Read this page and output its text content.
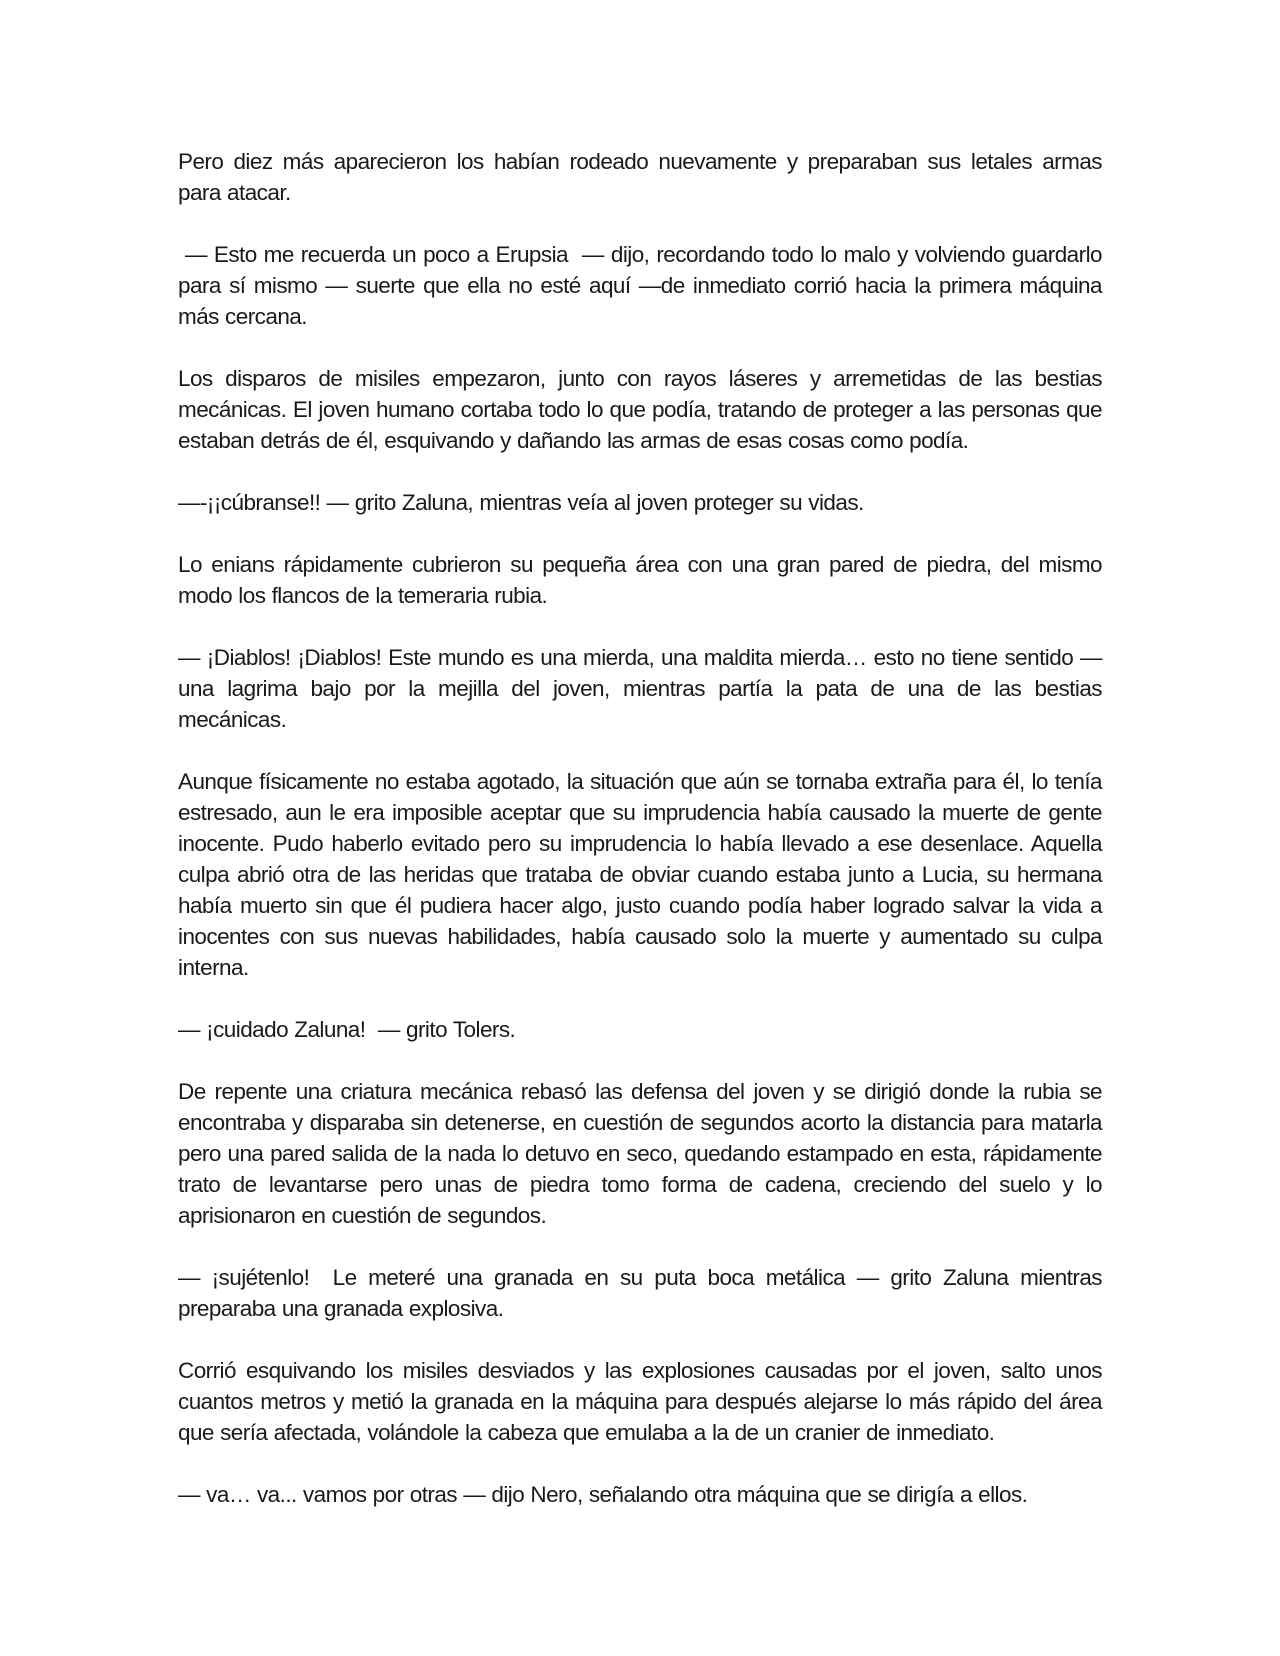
Pero diez más aparecieron los habían rodeado nuevamente y preparaban sus letales armas para atacar.

— Esto me recuerda un poco a Erupsia  — dijo, recordando todo lo malo y volviendo guardarlo para sí mismo — suerte que ella no esté aquí —de inmediato corrió hacia la primera máquina más cercana.

Los disparos de misiles empezaron, junto con rayos láseres y arremetidas de las bestias mecánicas. El joven humano cortaba todo lo que podía, tratando de proteger a las personas que estaban detrás de él, esquivando y dañando las armas de esas cosas como podía.

—-¡¡cúbranse!! — grito Zaluna, mientras veía al joven proteger su vidas.

Lo enians rápidamente cubrieron su pequeña área con una gran pared de piedra, del mismo modo los flancos de la temeraria rubia.

— ¡Diablos! ¡Diablos! Este mundo es una mierda, una maldita mierda… esto no tiene sentido — una lagrima bajo por la mejilla del joven, mientras partía la pata de una de las bestias mecánicas.

Aunque físicamente no estaba agotado, la situación que aún se tornaba extraña para él, lo tenía estresado, aun le era imposible aceptar que su imprudencia había causado la muerte de gente inocente. Pudo haberlo evitado pero su imprudencia lo había llevado a ese desenlace. Aquella culpa abrió otra de las heridas que trataba de obviar cuando estaba junto a Lucia, su hermana había muerto sin que él pudiera hacer algo, justo cuando podía haber logrado salvar la vida a inocentes con sus nuevas habilidades, había causado solo la muerte y aumentado su culpa interna.

— ¡cuidado Zaluna!  — grito Tolers.

De repente una criatura mecánica rebasó las defensa del joven y se dirigió donde la rubia se encontraba y disparaba sin detenerse, en cuestión de segundos acorto la distancia para matarla pero una pared salida de la nada lo detuvo en seco, quedando estampado en esta, rápidamente trato de levantarse pero unas de piedra tomo forma de cadena, creciendo del suelo y lo aprisionaron en cuestión de segundos.

— ¡sujétenlo!  Le meteré una granada en su puta boca metálica — grito Zaluna mientras preparaba una granada explosiva.

Corrió esquivando los misiles desviados y las explosiones causadas por el joven, salto unos cuantos metros y metió la granada en la máquina para después alejarse lo más rápido del área que sería afectada, volándole la cabeza que emulaba a la de un cranier de inmediato.

— va… va... vamos por otras — dijo Nero, señalando otra máquina que se dirigía a ellos.
